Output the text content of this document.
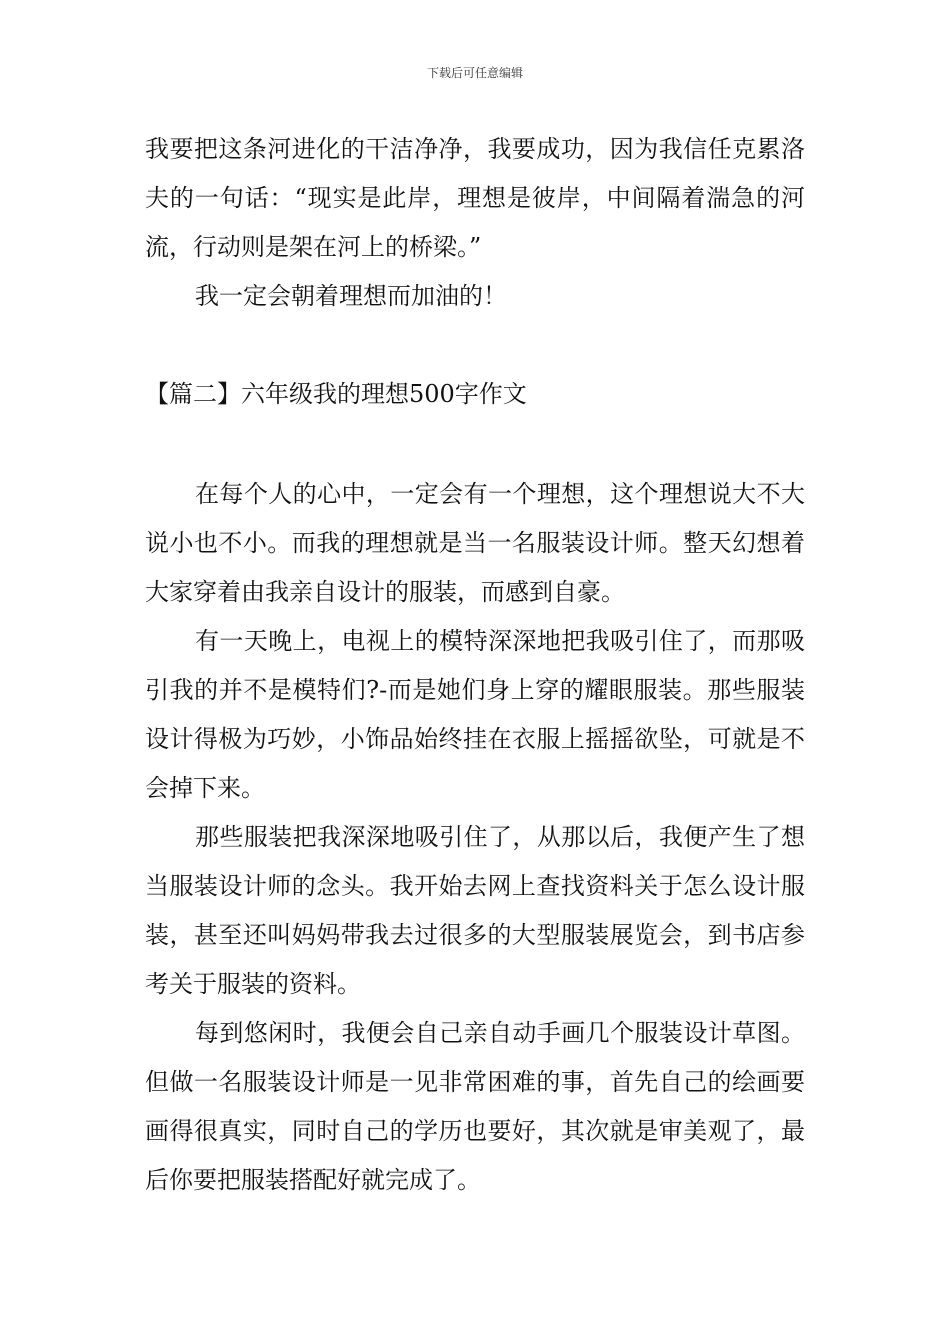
下载后可任意编辑

我要把这条河进化的干洁净净，我要成功，因为我信任克累洛夫的一句话：“现实是此岸，理想是彼岸，中间隔着湍急的河流，行动则是架在河上的桥梁。”

我一定会朝着理想而加油的！

【篇二】六年级我的理想500字作文

在每个人的心中，一定会有一个理想，这个理想说大不大说小也不小。而我的理想就是当一名服装设计师。整天幻想着大家穿着由我亲自设计的服装，而感到自豪。

有一天晚上，电视上的模特深深地把我吸引住了，而那吸引我的并不是模特们?-而是她们身上穿的耀眼服装。那些服装设计得极为巧妙，小饰品始终挂在衣服上摇摇欲坠，可就是不会掉下来。

那些服装把我深深地吸引住了，从那以后，我便产生了想当服装设计师的念头。我开始去网上查找资料关于怎么设计服装，甚至还叫妈妈带我去过很多的大型服装展览会，到书店参考关于服装的资料。

每到悠闲时，我便会自己亲自动手画几个服装设计草图。但做一名服装设计师是一见非常困难的事，首先自己的绘画要画得很真实，同时自己的学历也要好，其次就是审美观了，最后你要把服装搭配好就完成了。
